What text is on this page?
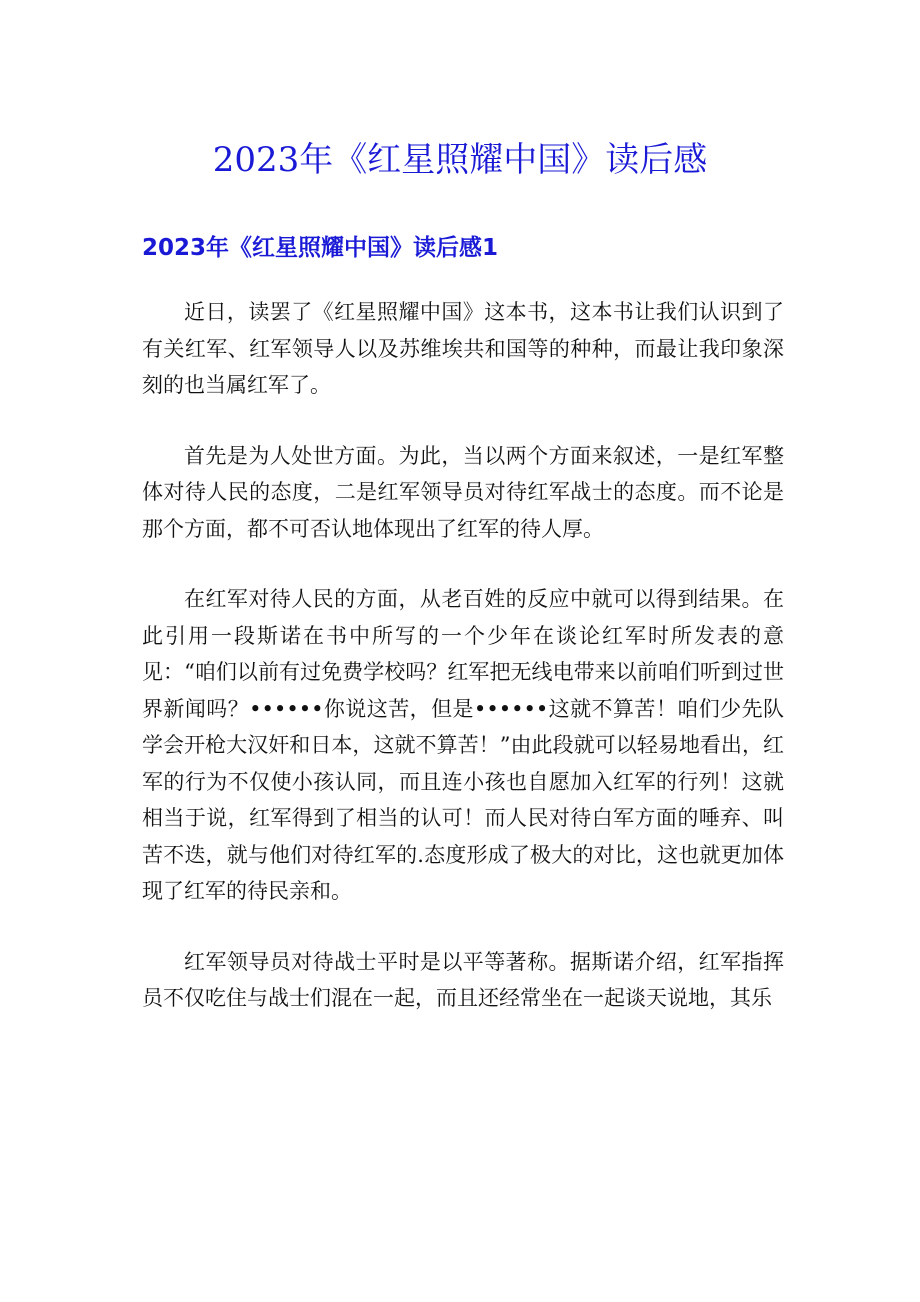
2023年《红星照耀中国》读后感
2023年《红星照耀中国》读后感1

近日，读罢了《红星照耀中国》这本书，这本书让我们认识到了有关红军、红军领导人以及苏维埃共和国等的种种，而最让我印象深刻的也当属红军了。

首先是为人处世方面。为此，当以两个方面来叙述，一是红军整体对待人民的态度，二是红军领导员对待红军战士的态度。而不论是那个方面，都不可否认地体现出了红军的待人厚。

在红军对待人民的方面，从老百姓的反应中就可以得到结果。在此引用一段斯诺在书中所写的一个少年在谈论红军时所发表的意见：“咱们以前有过免费学校吗？红军把无线电带来以前咱们听到过世界新闻吗？••••••你说这苦，但是••••••这就不算苦！咱们少先队学会开枪大汉奸和日本，这就不算苦！”由此段就可以轻易地看出，红军的行为不仅使小孩认同，而且连小孩也自愿加入红军的行列！这就相当于说，红军得到了相当的认可！而人民对待白军方面的唾弃、叫苦不迭，就与他们对待红军的.态度形成了极大的对比，这也就更加体现了红军的待民亲和。

红军领导员对待战士平时是以平等著称。据斯诺介绍，红军指挥员不仅吃住与战士们混在一起，而且还经常坐在一起谈天说地，其乐
